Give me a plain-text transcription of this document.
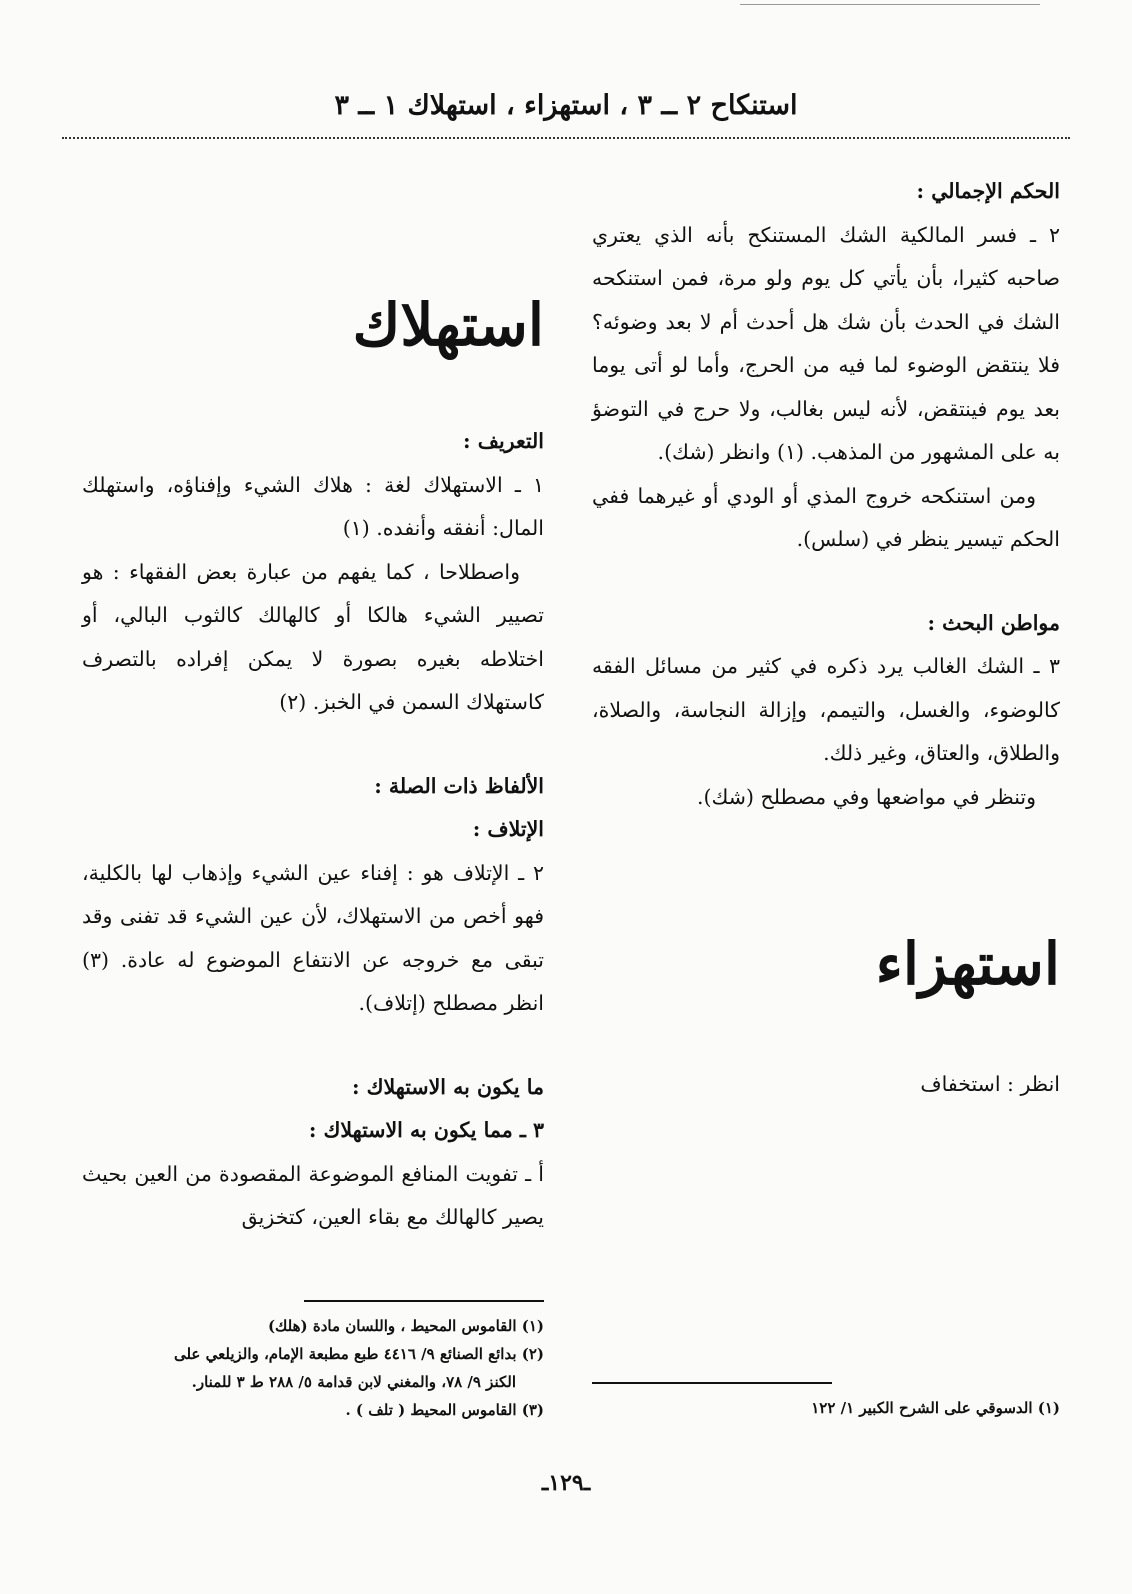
استنكاح ٢ ــ ٣ ، استهزاء ، استهلاك ١ ــ ٣

الحكم الإجمالي :

٢ ـ فسر المالكية الشك المستنكح بأنه الذي يعتري صاحبه كثيرا، بأن يأتي كل يوم ولو مرة، فمن استنكحه الشك في الحدث بأن شك هل أحدث أم لا بعد وضوئه؟ فلا ينتقض الوضوء لما فيه من الحرج، وأما لو أتى يوما بعد يوم فينتقض، لأنه ليس بغالب، ولا حرج في التوضؤ به على المشهور من المذهب. (١) وانظر (شك).

ومن استنكحه خروج المذي أو الودي أو غيرهما ففي الحكم تيسير ينظر في (سلس).

مواطن البحث :

٣ ـ الشك الغالب يرد ذكره في كثير من مسائل الفقه كالوضوء، والغسل، والتيمم، وإزالة النجاسة، والصلاة، والطلاق، والعتاق، وغير ذلك.

وتنظر في مواضعها وفي مصطلح (شك).

استهزاء

انظر : استخفاف

استهلاك

التعريف :

١ ـ الاستهلاك لغة : هلاك الشيء وإفناؤه، واستهلك المال: أنفقه وأنفده. (١)

واصطلاحا ، كما يفهم من عبارة بعض الفقهاء : هو تصيير الشيء هالكا أو كالهالك كالثوب البالي، أو اختلاطه بغيره بصورة لا يمكن إفراده بالتصرف كاستهلاك السمن في الخبز. (٢)

الألفاظ ذات الصلة :

الإتلاف :

٢ ـ الإتلاف هو : إفناء عين الشيء وإذهاب لها بالكلية، فهو أخص من الاستهلاك، لأن عين الشيء قد تفنى وقد تبقى مع خروجه عن الانتفاع الموضوع له عادة. (٣) انظر مصطلح (إتلاف).

ما يكون به الاستهلاك :

٣ ـ مما يكون به الاستهلاك :

أ ـ تفويت المنافع الموضوعة المقصودة من العين بحيث يصير كالهالك مع بقاء العين، كتخزيق

(١) الدسوقي على الشرح الكبير ١/ ١٢٢

(١) القاموس المحيط ، واللسان مادة (هلك)

(٢) بدائع الصنائع ٩/ ٤٤١٦ طبع مطبعة الإمام، والزيلعي على

الكنز ٩/ ٧٨، والمغني لابن قدامة ٥/ ٢٨٨ ط ٣ للمنار.

(٣) القاموس المحيط ( تلف ) .

ـ١٢٩ـ
